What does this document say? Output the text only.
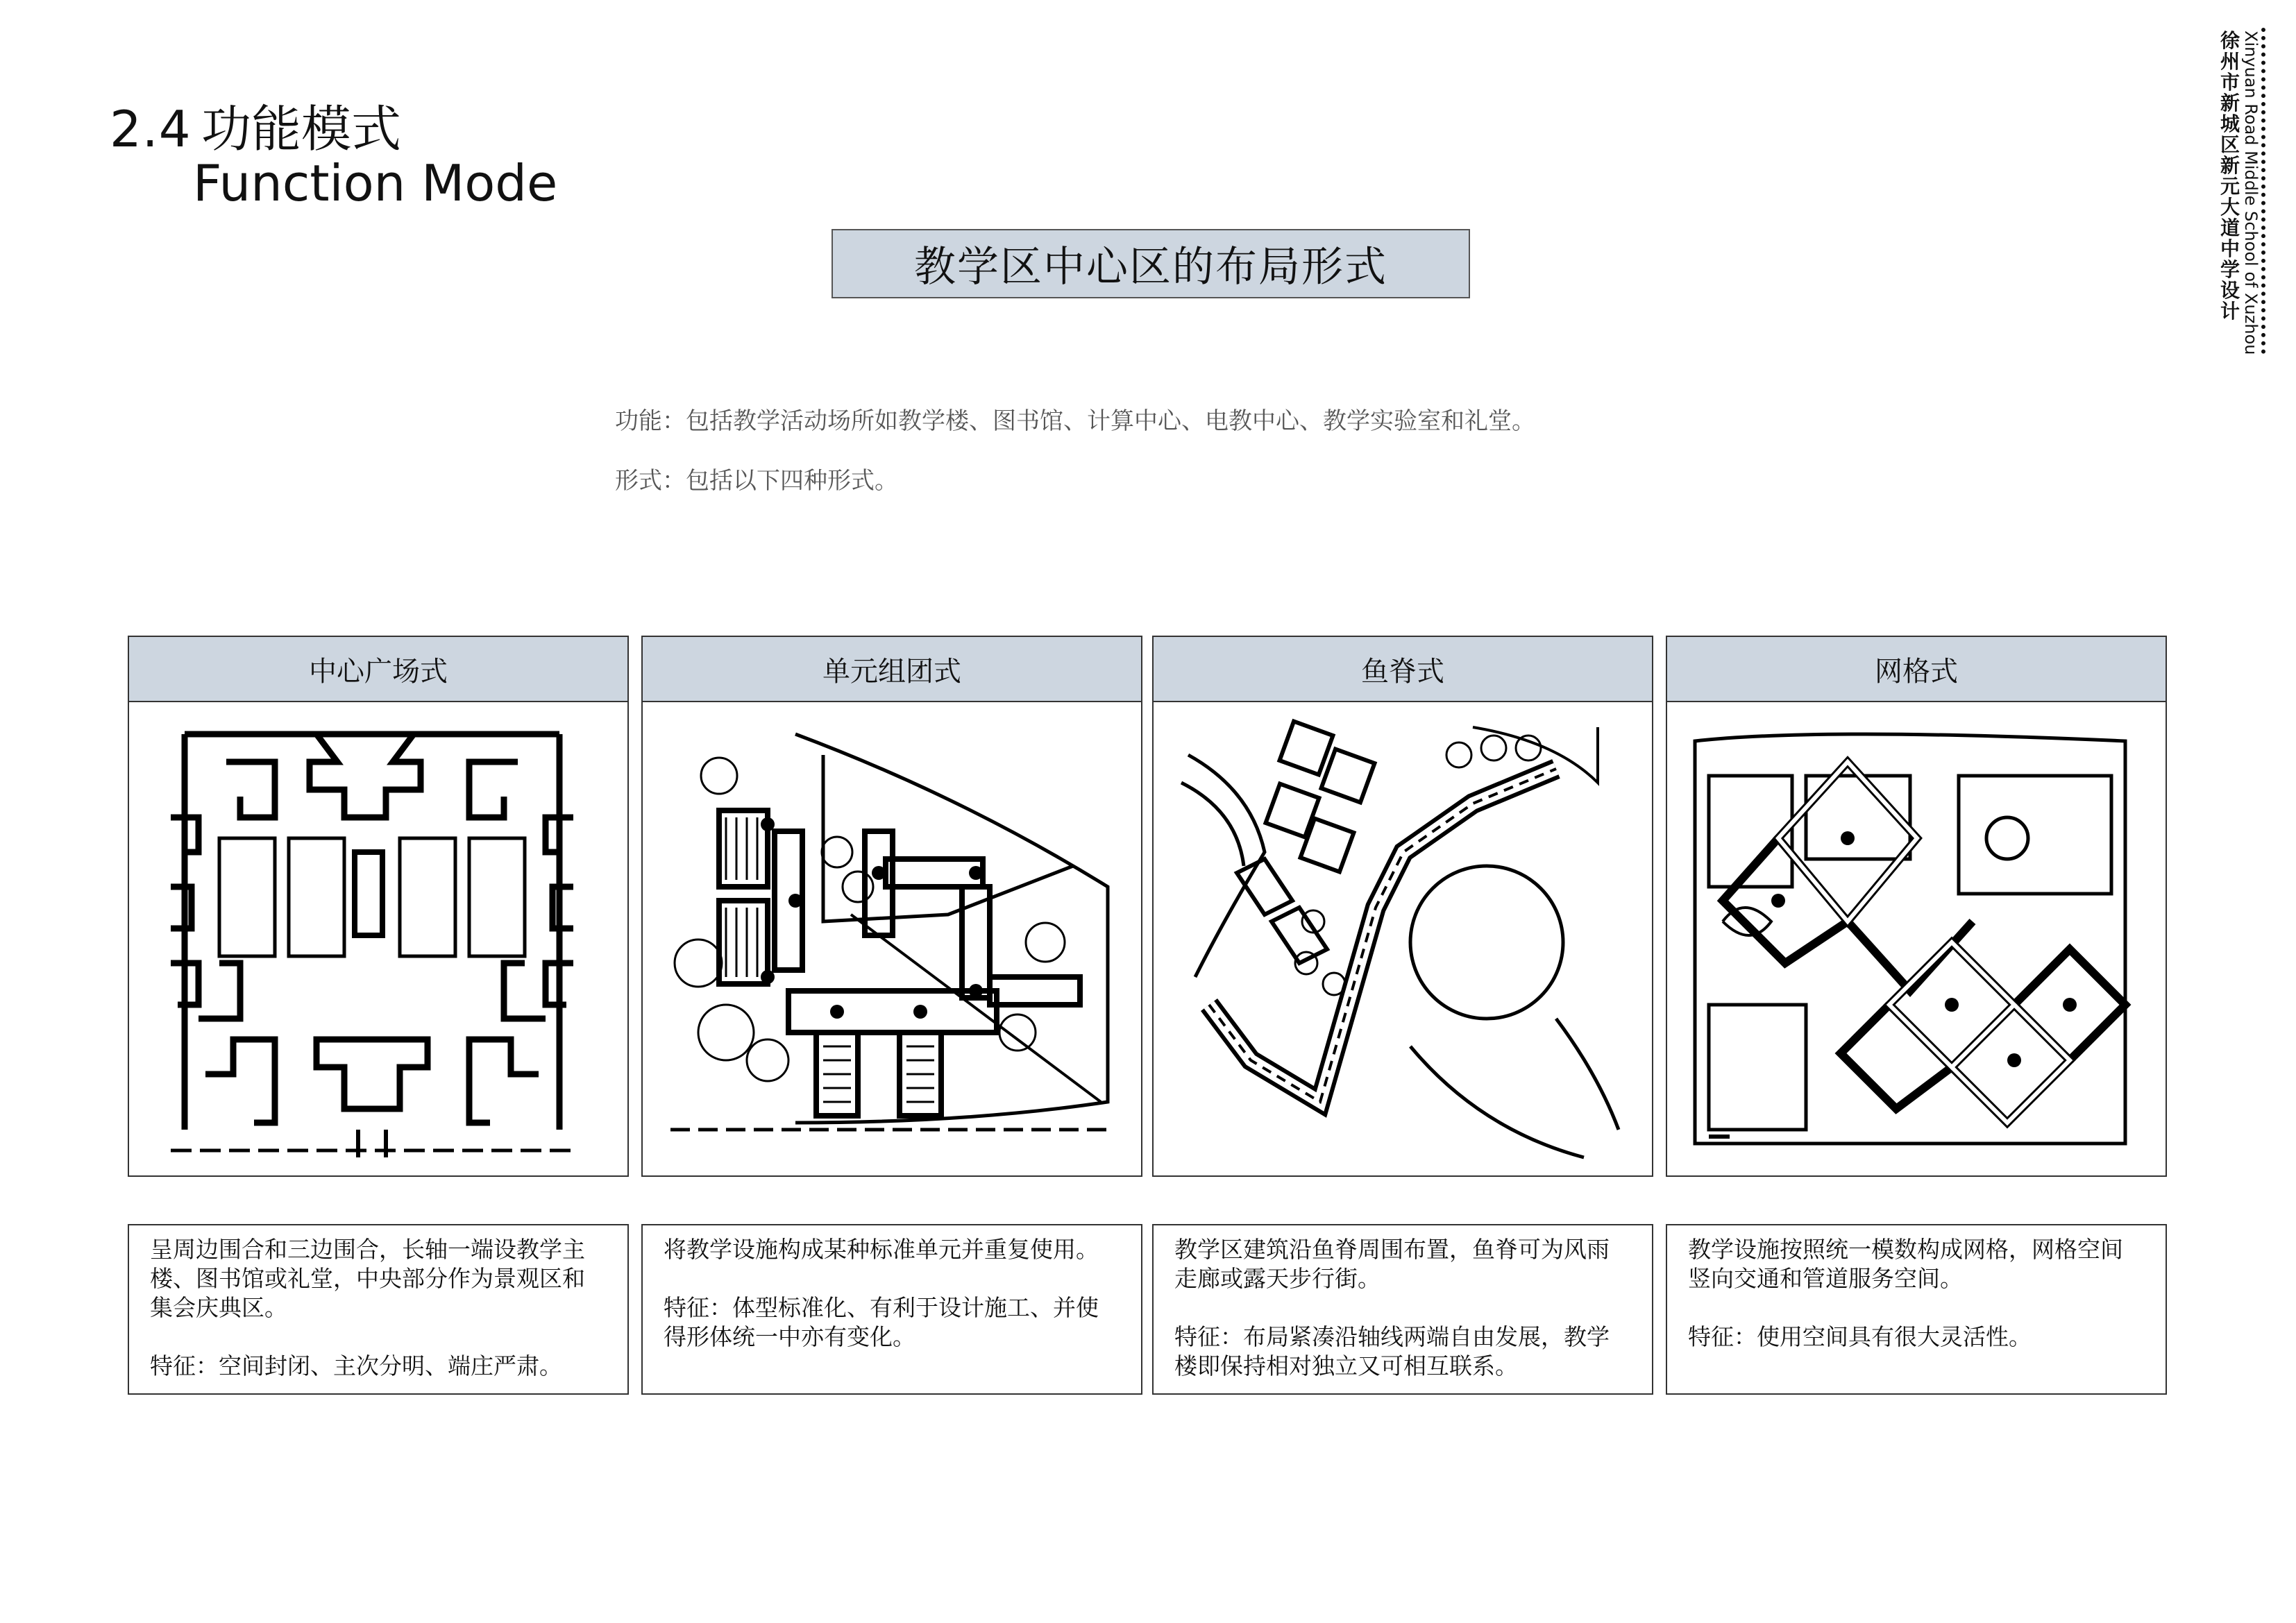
2.4 功能模式
Function Mode
徐
州
市
新
城
区
新
元
大
道
中
学
设
计 Xinyuan Road Middle School of Xuzhou
教学区中心区的布局形式
功能：包括教学活动场所如教学楼、图书馆、计算中心、电教中心、教学实验室和礼堂。
形式：包括以下四种形式。
中心广场式	单元组团式	鱼脊式	网格式

呈周边围合和三边围合，长轴一端设教学主楼、图书馆或礼堂，中央部分作为景观区和集会庆典区。

特征：空间封闭、主次分明、端庄严肃。

将教学设施构成某种标准单元并重复使用。

特征：体型标准化、有利于设计施工、并使得形体统一中亦有变化。

教学区建筑沿鱼脊周围布置，鱼脊可为风雨走廊或露天步行街。

特征：布局紧凑沿轴线两端自由发展，教学楼即保持相对独立又可相互联系。

教学设施按照统一模数构成网格，网格空间竖向交通和管道服务空间。

特征：使用空间具有很大灵活性。
